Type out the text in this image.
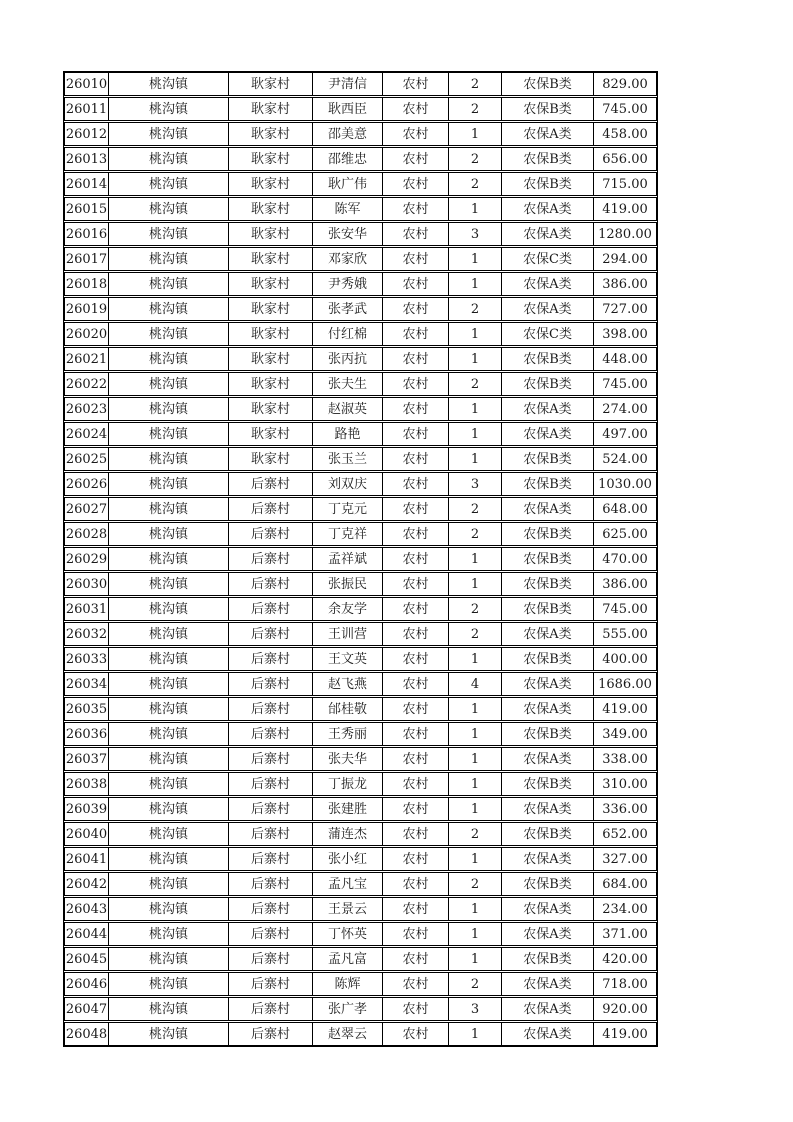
26010	桃沟镇	耿家村	尹清信	农村	2	农保B类	829.00
26011	桃沟镇	耿家村	耿西臣	农村	2	农保B类	745.00
26012	桃沟镇	耿家村	邵美意	农村	1	农保A类	458.00
26013	桃沟镇	耿家村	邵维忠	农村	2	农保B类	656.00
26014	桃沟镇	耿家村	耿广伟	农村	2	农保B类	715.00
26015	桃沟镇	耿家村	陈军	农村	1	农保A类	419.00
26016	桃沟镇	耿家村	张安华	农村	3	农保A类	1280.00
26017	桃沟镇	耿家村	邓家欣	农村	1	农保C类	294.00
26018	桃沟镇	耿家村	尹秀娥	农村	1	农保A类	386.00
26019	桃沟镇	耿家村	张孝武	农村	2	农保A类	727.00
26020	桃沟镇	耿家村	付红棉	农村	1	农保C类	398.00
26021	桃沟镇	耿家村	张丙抗	农村	1	农保B类	448.00
26022	桃沟镇	耿家村	张夫生	农村	2	农保B类	745.00
26023	桃沟镇	耿家村	赵淑英	农村	1	农保A类	274.00
26024	桃沟镇	耿家村	路艳	农村	1	农保A类	497.00
26025	桃沟镇	耿家村	张玉兰	农村	1	农保B类	524.00
26026	桃沟镇	后寨村	刘双庆	农村	3	农保B类	1030.00
26027	桃沟镇	后寨村	丁克元	农村	2	农保A类	648.00
26028	桃沟镇	后寨村	丁克祥	农村	2	农保B类	625.00
26029	桃沟镇	后寨村	孟祥斌	农村	1	农保B类	470.00
26030	桃沟镇	后寨村	张振民	农村	1	农保B类	386.00
26031	桃沟镇	后寨村	余友学	农村	2	农保B类	745.00
26032	桃沟镇	后寨村	王训营	农村	2	农保A类	555.00
26033	桃沟镇	后寨村	王文英	农村	1	农保B类	400.00
26034	桃沟镇	后寨村	赵飞燕	农村	4	农保A类	1686.00
26035	桃沟镇	后寨村	邰桂敬	农村	1	农保A类	419.00
26036	桃沟镇	后寨村	王秀丽	农村	1	农保B类	349.00
26037	桃沟镇	后寨村	张夫华	农村	1	农保A类	338.00
26038	桃沟镇	后寨村	丁振龙	农村	1	农保B类	310.00
26039	桃沟镇	后寨村	张建胜	农村	1	农保A类	336.00
26040	桃沟镇	后寨村	蒲连杰	农村	2	农保B类	652.00
26041	桃沟镇	后寨村	张小红	农村	1	农保A类	327.00
26042	桃沟镇	后寨村	孟凡宝	农村	2	农保B类	684.00
26043	桃沟镇	后寨村	王景云	农村	1	农保A类	234.00
26044	桃沟镇	后寨村	丁怀英	农村	1	农保A类	371.00
26045	桃沟镇	后寨村	孟凡富	农村	1	农保B类	420.00
26046	桃沟镇	后寨村	陈辉	农村	2	农保A类	718.00
26047	桃沟镇	后寨村	张广孝	农村	3	农保A类	920.00
26048	桃沟镇	后寨村	赵翠云	农村	1	农保A类	419.00
